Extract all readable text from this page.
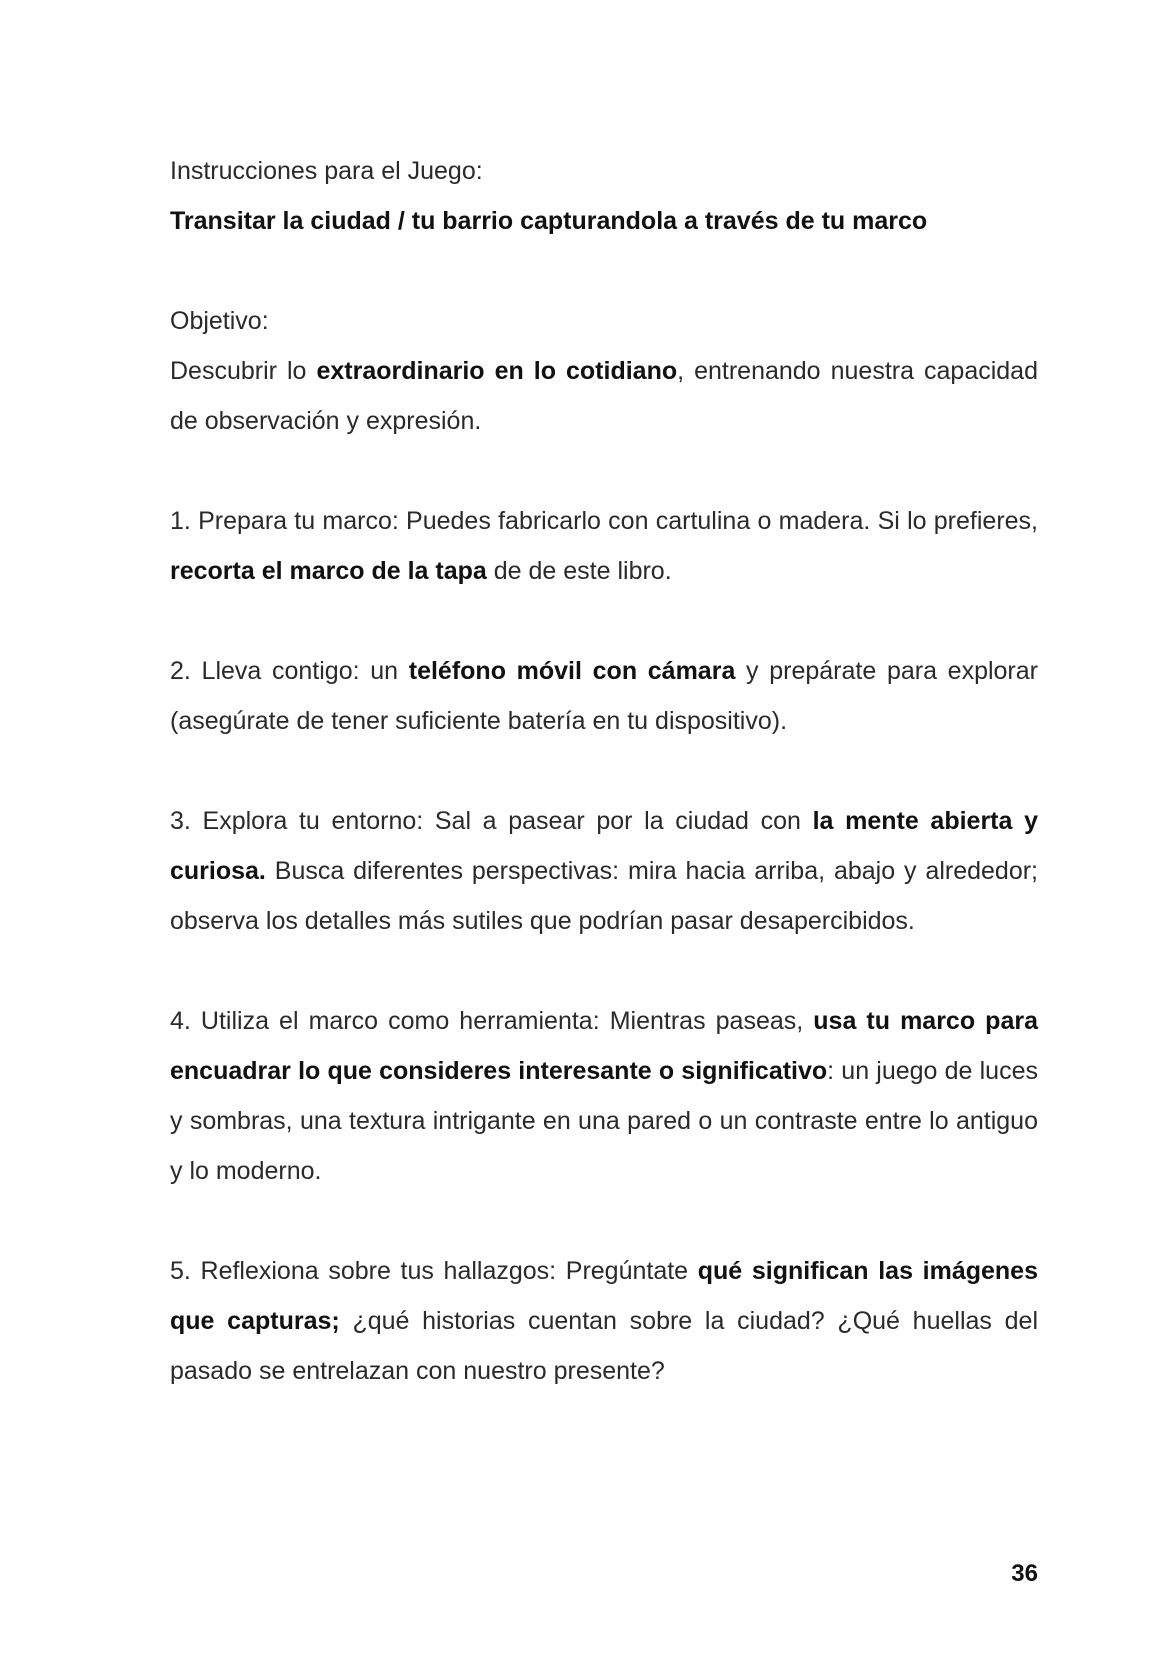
Instrucciones para el Juego:

Transitar la ciudad / tu barrio capturandola a través de tu marco

Objetivo:

Descubrir lo extraordinario en lo cotidiano, entrenando nuestra capacidad de observación y expresión.

1. Prepara tu marco: Puedes fabricarlo con cartulina o madera. Si lo prefieres, recorta el marco de la tapa de de este libro.

2. Lleva contigo: un teléfono móvil con cámara y prepárate para explorar (asegúrate de tener suficiente batería en tu dispositivo).

3. Explora tu entorno: Sal a pasear por la ciudad con la mente abierta y curiosa. Busca diferentes perspectivas: mira hacia arriba, abajo y alrededor; observa los detalles más sutiles que podrían pasar desapercibidos.

4. Utiliza el marco como herramienta: Mientras paseas, usa tu marco para encuadrar lo que consideres interesante o significativo: un juego de luces y sombras, una textura intrigante en una pared o un contraste entre lo antiguo y lo moderno.

5. Reflexiona sobre tus hallazgos: Pregúntate qué significan las imágenes que capturas; ¿qué historias cuentan sobre la ciudad? ¿Qué huellas del pasado se entrelazan con nuestro presente?

36
